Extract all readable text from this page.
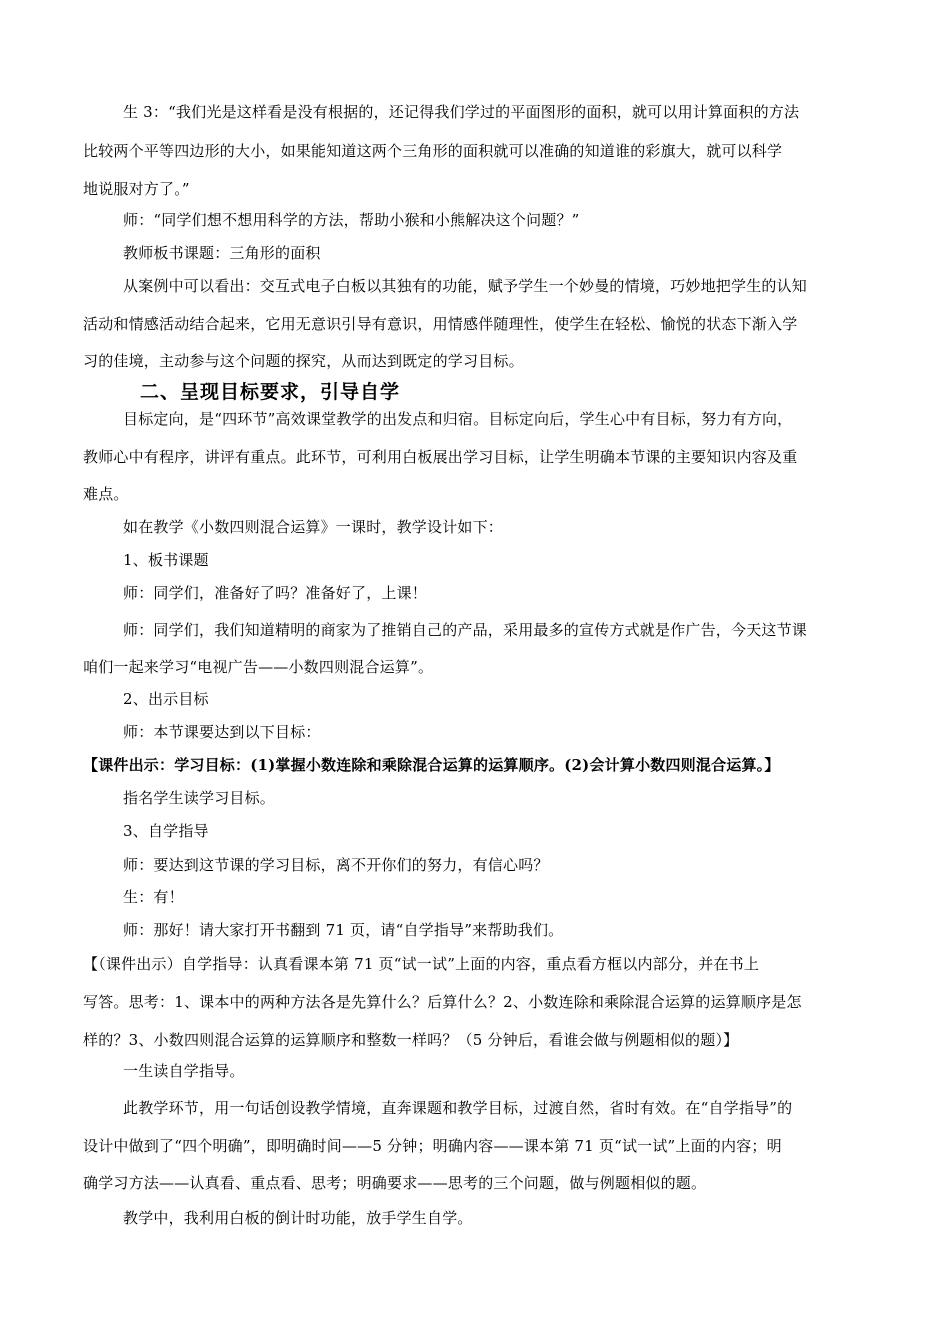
生 3：“我们光是这样看是没有根据的，还记得我们学过的平面图形的面积，就可以用计算面积的方法
比较两个平等四边形的大小，如果能知道这两个三角形的面积就可以准确的知道谁的彩旗大，就可以科学
地说服对方了。”
师：“同学们想不想用科学的方法，帮助小猴和小熊解决这个问题？”
教师板书课题：三角形的面积
从案例中可以看出：交互式电子白板以其独有的功能，赋予学生一个妙曼的情境，巧妙地把学生的认知
活动和情感活动结合起来，它用无意识引导有意识，用情感伴随理性，使学生在轻松、愉悦的状态下渐入学
习的佳境，主动参与这个问题的探究，从而达到既定的学习目标。
二、呈现目标要求，引导自学
目标定向，是“四环节”高效课堂教学的出发点和归宿。目标定向后，学生心中有目标，努力有方向，
教师心中有程序，讲评有重点。此环节，可利用白板展出学习目标，让学生明确本节课的主要知识内容及重
难点。
如在教学《小数四则混合运算》一课时，教学设计如下：
1、板书课题
师：同学们，准备好了吗？准备好了，上课！
师：同学们，我们知道精明的商家为了推销自己的产品，采用最多的宣传方式就是作广告，今天这节课
咱们一起来学习“电视广告——小数四则混合运算”。
2、出示目标
师：本节课要达到以下目标：
【课件出示：学习目标：(1)掌握小数连除和乘除混合运算的运算顺序。(2)会计算小数四则混合运算。】
指名学生读学习目标。
3、自学指导
师：要达到这节课的学习目标，离不开你们的努力，有信心吗？
生：有！
师：那好！请大家打开书翻到 71 页，请“自学指导”来帮助我们。
【（课件出示）自学指导：认真看课本第 71 页“试一试”上面的内容，重点看方框以内部分，并在书上
写答。思考：1、课本中的两种方法各是先算什么？后算什么？2、小数连除和乘除混合运算的运算顺序是怎
样的？3、小数四则混合运算的运算顺序和整数一样吗？（5 分钟后，看谁会做与例题相似的题）】
一生读自学指导。
此教学环节，用一句话创设教学情境，直奔课题和教学目标，过渡自然，省时有效。在“自学指导”的
设计中做到了“四个明确”，即明确时间——5 分钟；明确内容——课本第 71 页“试一试”上面的内容；明
确学习方法——认真看、重点看、思考；明确要求——思考的三个问题，做与例题相似的题。
教学中，我利用白板的倒计时功能，放手学生自学。
